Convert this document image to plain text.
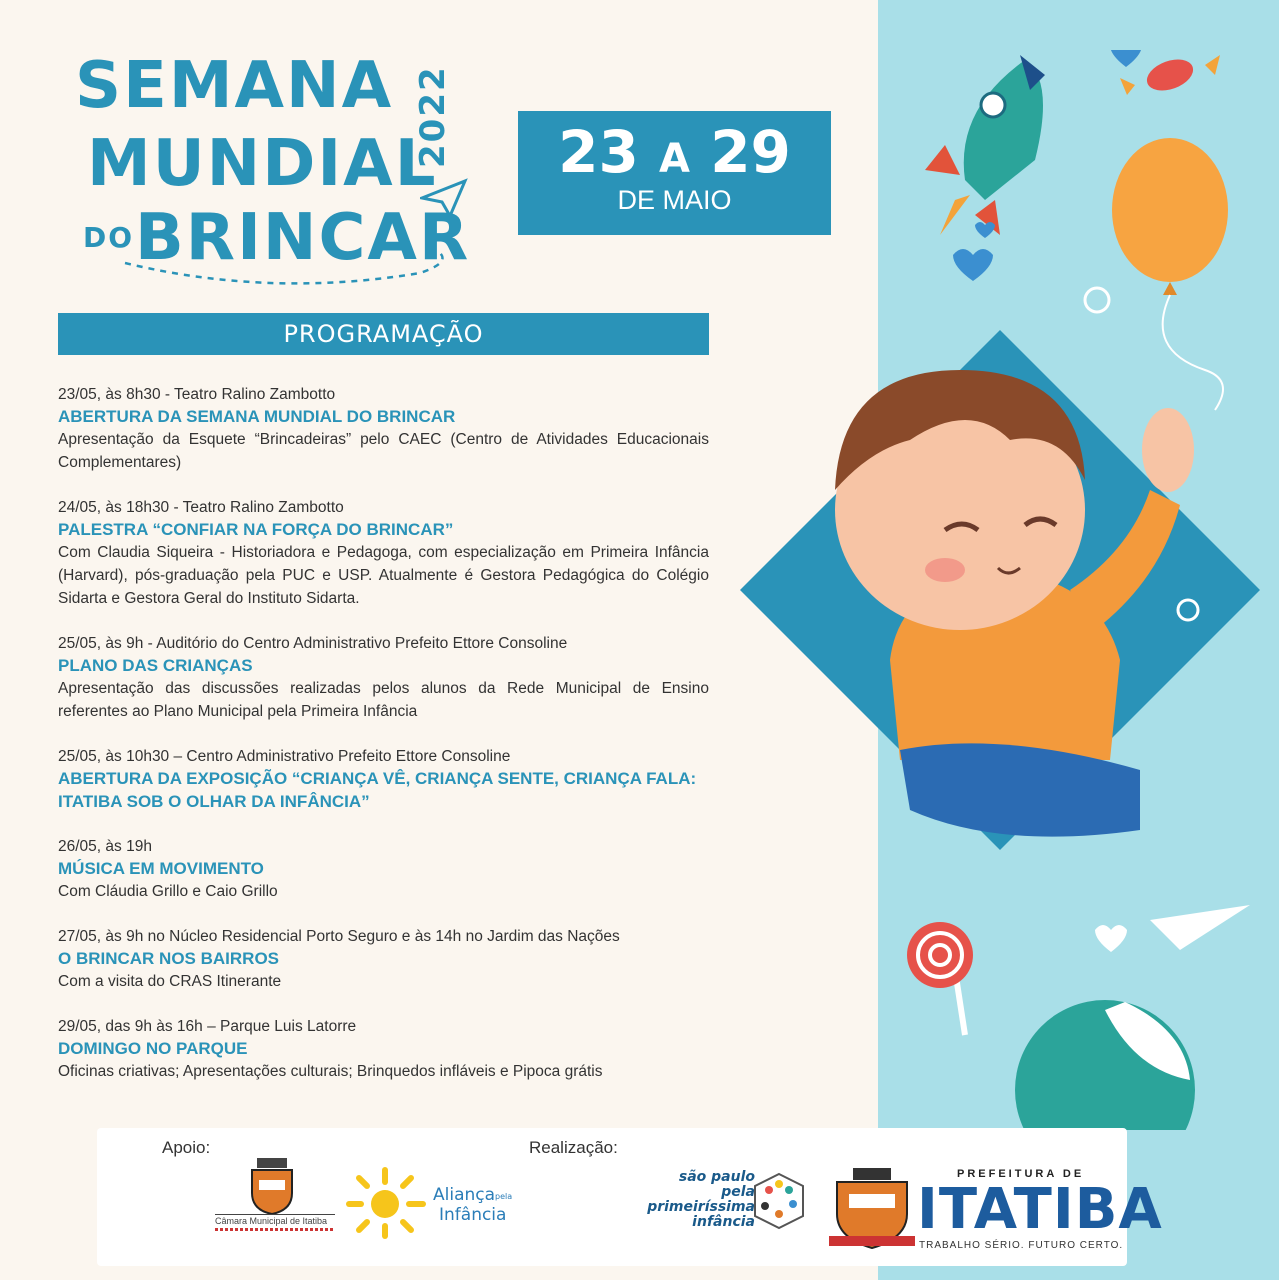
SEMANA
MUNDIAL
DO BRINCAR
2022	23 A 29
DE MAIO
PROGRAMAÇÃO
23/05, às 8h30 - Teatro Ralino Zambotto
ABERTURA DA SEMANA MUNDIAL DO BRINCAR
Apresentação da Esquete “Brincadeiras” pelo CAEC (Centro de Atividades Educacionais Complementares)
24/05, às 18h30 - Teatro Ralino Zambotto
PALESTRA “CONFIAR NA FORÇA DO BRINCAR”
Com Claudia Siqueira - Historiadora e Pedagoga, com especialização em Primeira Infância (Harvard), pós-graduação pela PUC e USP. Atualmente é Gestora Pedagógica do Colégio Sidarta e Gestora Geral do Instituto Sidarta.
25/05, às 9h - Auditório do Centro Administrativo Prefeito Ettore Consoline
PLANO DAS CRIANÇAS
Apresentação das discussões realizadas pelos alunos da Rede Municipal de Ensino referentes ao Plano Municipal pela Primeira Infância
25/05, às 10h30 – Centro Administrativo Prefeito Ettore Consoline
ABERTURA DA EXPOSIÇÃO “CRIANÇA VÊ, CRIANÇA SENTE, CRIANÇA FALA: ITATIBA SOB O OLHAR DA INFÂNCIA”
26/05, às 19h
MÚSICA EM MOVIMENTO
Com Cláudia Grillo e Caio Grillo
27/05, às 9h no Núcleo Residencial Porto Seguro e às 14h no Jardim das Nações
O BRINCAR NOS BAIRROS
Com a visita do CRAS Itinerante
29/05, das 9h às 16h – Parque Luis Latorre
DOMINGO NO PARQUE
Oficinas criativas; Apresentações culturais; Brinquedos infláveis e Pipoca grátis
Apoio:	Realização:
Câmara Municipal de Itatiba
Aliança pela
Infância
são paulo
pela
primeiríssima
infância
PREFEITURA DE
ITATIBA
TRABALHO SÉRIO. FUTURO CERTO.
